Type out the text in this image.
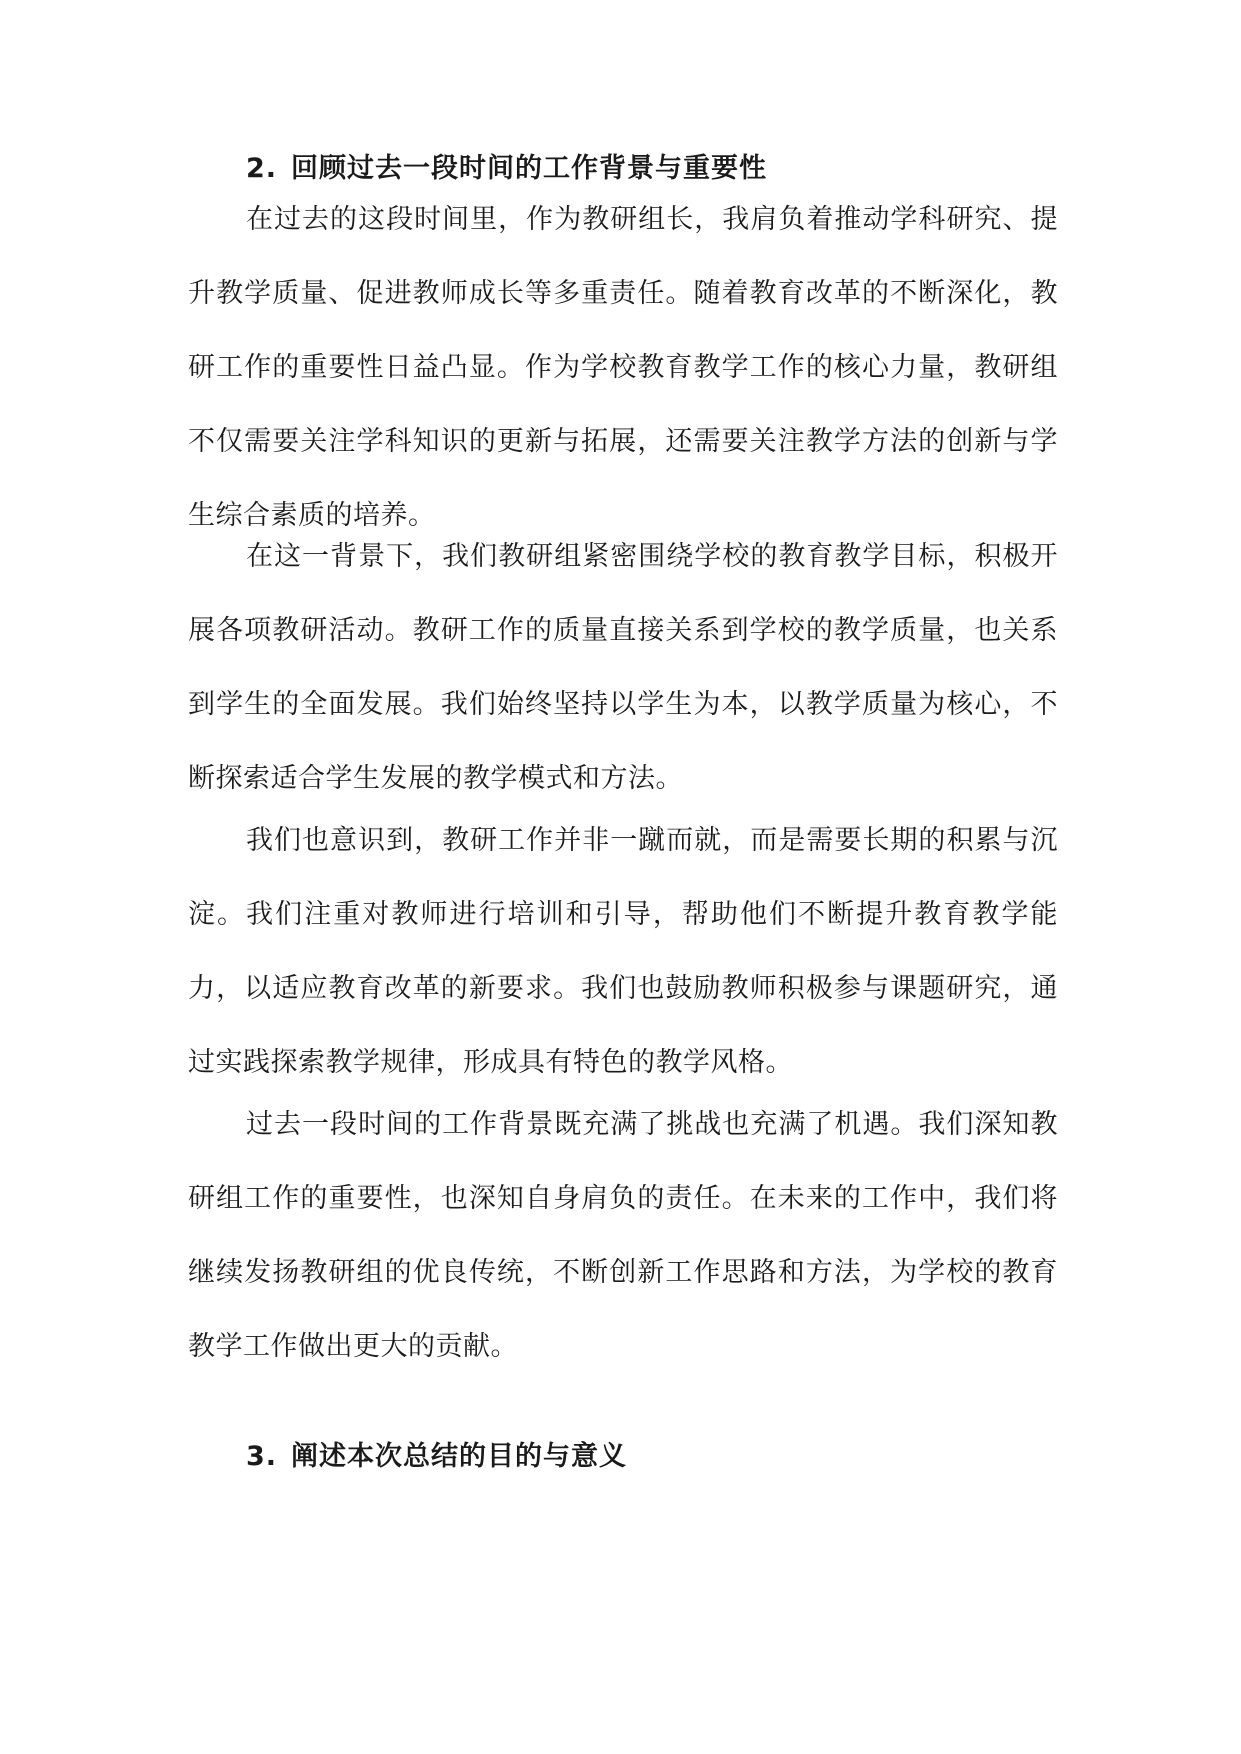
2. 回顾过去一段时间的工作背景与重要性

在过去的这段时间里，作为教研组长，我肩负着推动学科研究、提升教学质量、促进教师成长等多重责任。随着教育改革的不断深化，教研工作的重要性日益凸显。作为学校教育教学工作的核心力量，教研组不仅需要关注学科知识的更新与拓展，还需要关注教学方法的创新与学生综合素质的培养。

在这一背景下，我们教研组紧密围绕学校的教育教学目标，积极开展各项教研活动。教研工作的质量直接关系到学校的教学质量，也关系到学生的全面发展。我们始终坚持以学生为本，以教学质量为核心，不断探索适合学生发展的教学模式和方法。

我们也意识到，教研工作并非一蹴而就，而是需要长期的积累与沉淀。我们注重对教师进行培训和引导，帮助他们不断提升教育教学能力，以适应教育改革的新要求。我们也鼓励教师积极参与课题研究，通过实践探索教学规律，形成具有特色的教学风格。

过去一段时间的工作背景既充满了挑战也充满了机遇。我们深知教研组工作的重要性，也深知自身肩负的责任。在未来的工作中，我们将继续发扬教研组的优良传统，不断创新工作思路和方法，为学校的教育教学工作做出更大的贡献。

3. 阐述本次总结的目的与意义
